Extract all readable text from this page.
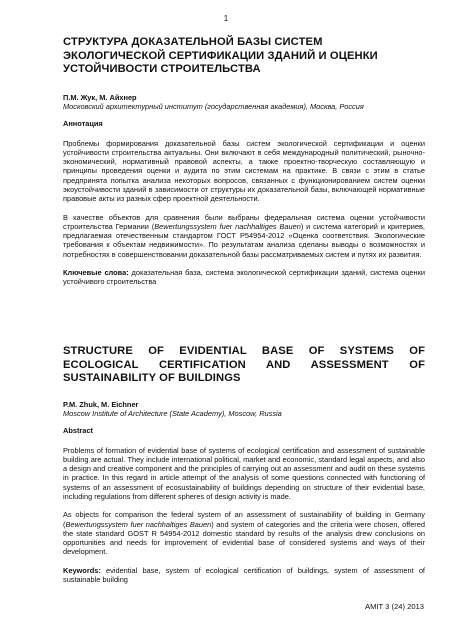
1
СТРУКТУРА ДОКАЗАТЕЛЬНОЙ БАЗЫ СИСТЕМ ЭКОЛОГИЧЕСКОЙ СЕРТИФИКАЦИИ ЗДАНИЙ И ОЦЕНКИ УСТОЙЧИВОСТИ СТРОИТЕЛЬСТВА
П.М. Жук, М. Айхнер
Московский архитектурный институт (государственная академия), Москва, Россия
Аннотация

Проблемы формирования доказательной базы систем экологической сертификации и оценки устойчивости строительства актуальны. Они включают в себя международный политический, рыночно-экономический, нормативный правовой аспекты, а также проектно-творческую составляющую и принципы проведения оценки и аудита по этим системам на практике. В связи с этим в статье предпринята попытка анализа некоторых вопросов, связанных с функционированием систем оценки экоустойчивости зданий в зависимости от структуры их доказательной базы, включающей нормативные правовые акты из разных сфер проектной деятельности.

В качестве объектов для сравнения были выбраны федеральная система оценки устойчивости строительства Германии (Bewertungssystem fuer nachhaltiges Bauen) и система категорий и критериев, предлагаемая отечественным стандартом ГОСТ Р54954-2012 «Оценка соответствия. Экологические требования к объектам недвижимости». По результатам анализа сделаны выводы о возможностях и потребностях в совершенствовании доказательной базы рассматриваемых систем и путях их развития.

Ключевые слова: доказательная база, система экологической сертификации зданий, система оценки устойчивого строительства

STRUCTURE OF EVIDENTIAL BASE OF SYSTEMS OF ECOLOGICAL CERTIFICATION AND ASSESSMENT OF SUSTAINABILITY OF BUILDINGS
P.M. Zhuk, M. Eichner
Moscow Institute of Architecture (State Academy), Moscow, Russia
Abstract

Problems of formation of evidential base of systems of ecological certification and assessment of sustainable building are actual. They include international political, market and economic, standard legal aspects, and also a design and creative component and the principles of carrying out an assessment and audit on these systems in practice. In this regard in article attempt of the analysis of some questions connected with functioning of systems of an assessment of ecosustainability of buildings depending on structure of their evidential base, including regulations from different spheres of design activity is made.

As objects for comparison the federal system of an assessment of sustainability of building in Germany (Bewertungssystem fuer nachhaltiges Bauen) and system of categories and the criteria were chosen, offered the state standard GOST R 54954-2012 domestic standard by results of the analysis drew conclusions on opportunities and needs for improvement of evidential base of considered systems and ways of their development.

Keywords: evidential base, system of ecological certification of buildings, system of assessment of sustainable building

AMIT 3 (24) 2013
